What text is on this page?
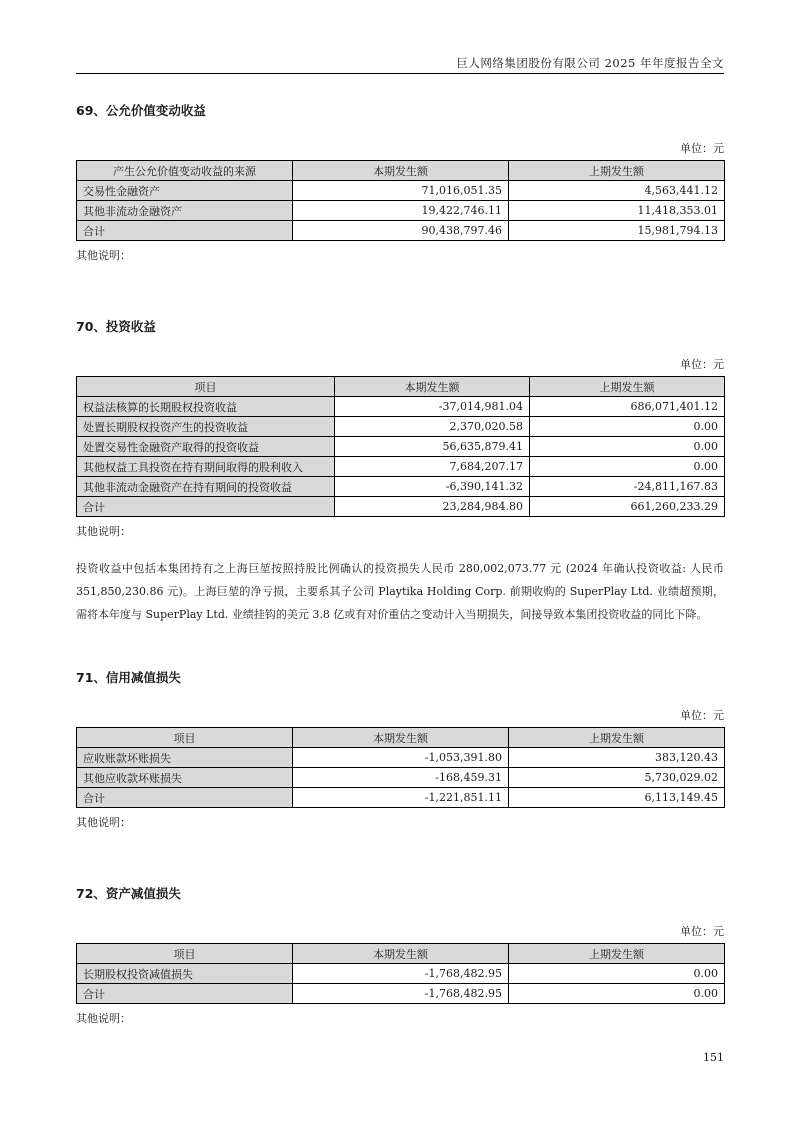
巨人网络集团股份有限公司 2025 年年度报告全文
69、公允价值变动收益
单位：元
产生公允价值变动收益的来源	本期发生额	上期发生额
交易性金融资产	71,016,051.35	4,563,441.12
其他非流动金融资产	19,422,746.11	11,418,353.01
合计	90,438,797.46	15,981,794.13
其他说明：
70、投资收益
单位：元
项目	本期发生额	上期发生额
权益法核算的长期股权投资收益	-37,014,981.04	686,071,401.12
处置长期股权投资产生的投资收益	2,370,020.58	0.00
处置交易性金融资产取得的投资收益	56,635,879.41	0.00
其他权益工具投资在持有期间取得的股利收入	7,684,207.17	0.00
其他非流动金融资产在持有期间的投资收益	-6,390,141.32	-24,811,167.83
合计	23,284,984.80	661,260,233.29
其他说明：
投资收益中包括本集团持有之上海巨堃按照持股比例确认的投资损失人民币 280,002,073.77 元 (2024 年确认投资收益: 人民币 351,850,230.86 元)。上海巨堃的净亏损，主要系其子公司 Playtika Holding Corp. 前期收购的 SuperPlay Ltd. 业绩超预期，需将本年度与 SuperPlay Ltd. 业绩挂钩的美元 3.8 亿或有对价重估之变动计入当期损失，间接导致本集团投资收益的同比下降。
71、信用减值损失
单位：元
项目	本期发生额	上期发生额
应收账款坏账损失	-1,053,391.80	383,120.43
其他应收款坏账损失	-168,459.31	5,730,029.02
合计	-1,221,851.11	6,113,149.45
其他说明：
72、资产减值损失
单位：元
项目	本期发生额	上期发生额
长期股权投资减值损失	-1,768,482.95	0.00
合计	-1,768,482.95	0.00
其他说明：
151
